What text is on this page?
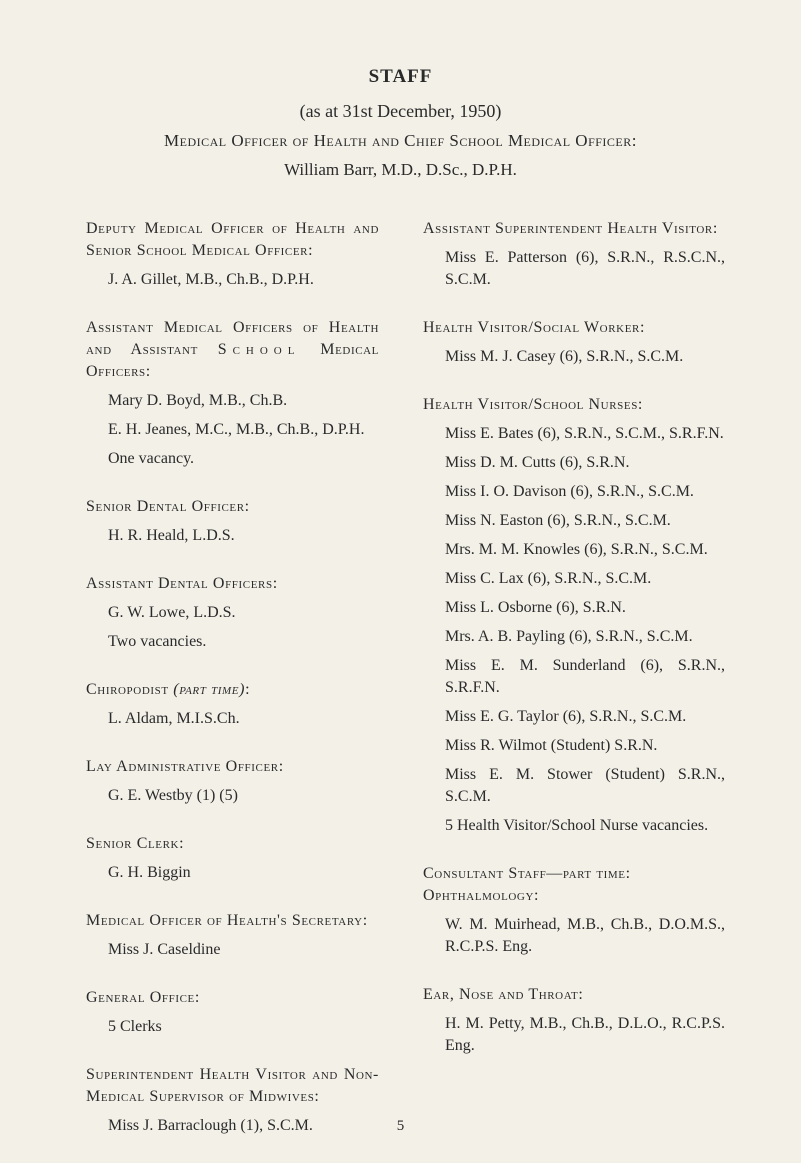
STAFF
(as at 31st December, 1950)
Medical Officer of Health and Chief School Medical Officer:
William Barr, M.D., D.Sc., D.P.H.
Deputy Medical Officer of Health and Senior School Medical Officer:
J. A. Gillet, M.B., Ch.B., D.P.H.
Assistant Medical Officers of Health and Assistant School Medical Officers:
Mary D. Boyd, M.B., Ch.B.
E. H. Jeanes, M.C., M.B., Ch.B., D.P.H.
One vacancy.
Senior Dental Officer:
H. R. Heald, L.D.S.
Assistant Dental Officers:
G. W. Lowe, L.D.S.
Two vacancies.
Chiropodist (part time):
L. Aldam, M.I.S.Ch.
Lay Administrative Officer:
G. E. Westby (1) (5)
Senior Clerk:
G. H. Biggin
Medical Officer of Health's Secretary:
Miss J. Caseldine
General Office:
5 Clerks
Superintendent Health Visitor and Non-Medical Supervisor of Midwives:
Miss J. Barraclough (1), S.C.M.
Assistant Superintendent Health Visitor:
Miss E. Patterson (6), S.R.N., R.S.C.N., S.C.M.
Health Visitor/Social Worker:
Miss M. J. Casey (6), S.R.N., S.C.M.
Health Visitor/School Nurses:
Miss E. Bates (6), S.R.N., S.C.M., S.R.F.N.
Miss D. M. Cutts (6), S.R.N.
Miss I. O. Davison (6), S.R.N., S.C.M.
Miss N. Easton (6), S.R.N., S.C.M.
Mrs. M. M. Knowles (6), S.R.N., S.C.M.
Miss C. Lax (6), S.R.N., S.C.M.
Miss L. Osborne (6), S.R.N.
Mrs. A. B. Payling (6), S.R.N., S.C.M.
Miss E. M. Sunderland (6), S.R.N., S.R.F.N.
Miss E. G. Taylor (6), S.R.N., S.C.M.
Miss R. Wilmot (Student) S.R.N.
Miss E. M. Stower (Student) S.R.N., S.C.M.
5 Health Visitor/School Nurse vacancies.
Consultant Staff—part time:
Ophthalmology:
W. M. Muirhead, M.B., Ch.B., D.O.M.S., R.C.P.S. Eng.
Ear, Nose and Throat:
H. M. Petty, M.B., Ch.B., D.L.O., R.C.P.S. Eng.
5
